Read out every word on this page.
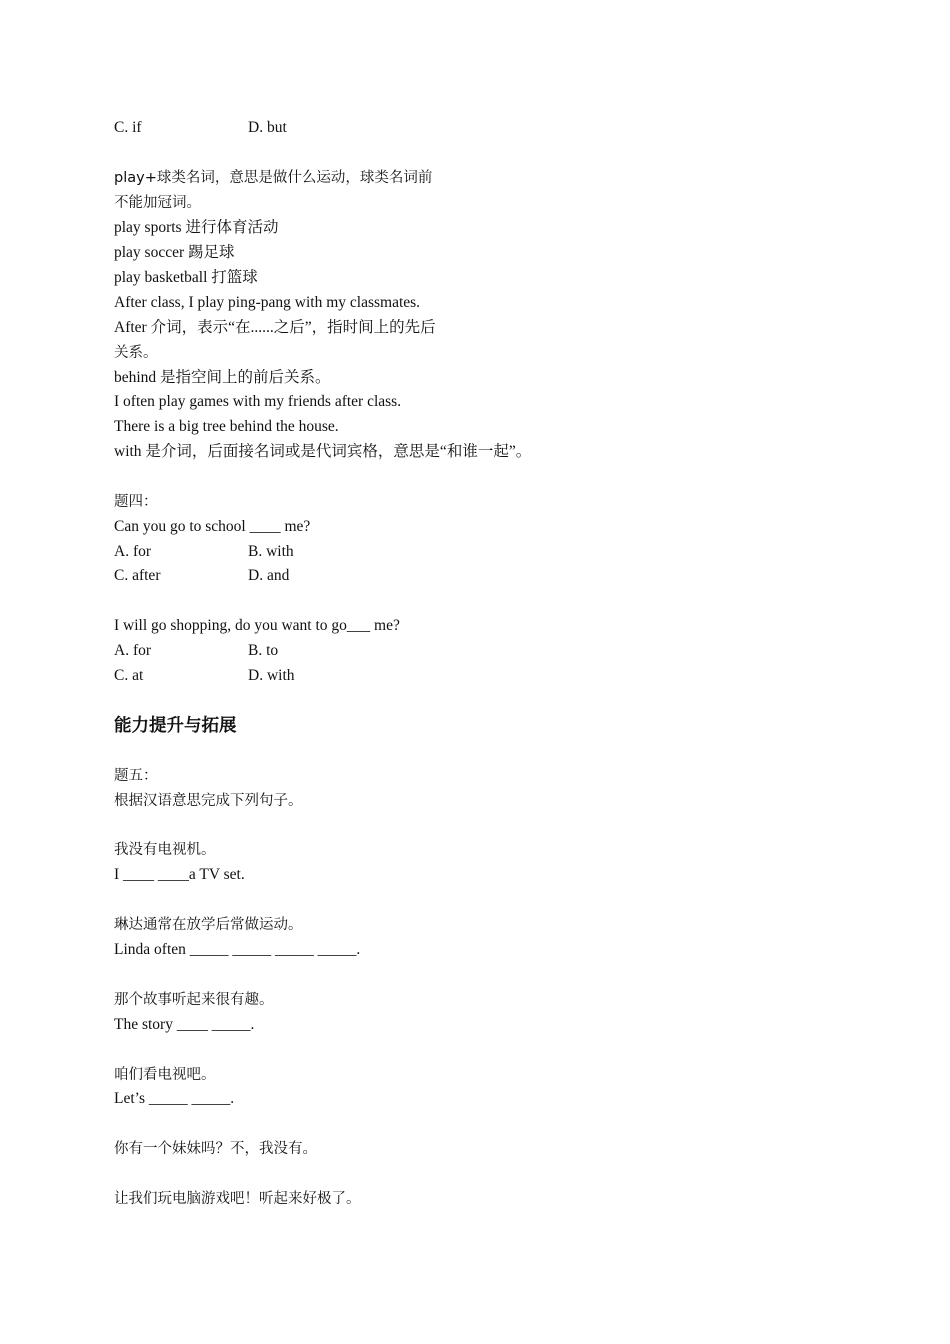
C. if	D. but
play+球类名词，意思是做什么运动，球类名词前
不能加冠词。
play sports 进行体育活动
play soccer 踢足球
play basketball 打篮球
After class, I play ping-pang with my classmates.
After 介词，表示“在......之后”，指时间上的先后
关系。
behind 是指空间上的前后关系。
I often play games with my friends after class.
There is a big tree behind the house.
with 是介词，后面接名词或是代词宾格，意思是“和谁一起”。
题四：
Can you go to school ____ me?
A. for	B. with
C. after	D. and
I will go shopping, do you want to go___ me?
A. for	B. to
C. at	D. with
能力提升与拓展
题五：
根据汉语意思完成下列句子。
我没有电视机。
I ____ ____a TV set.
琳达通常在放学后常做运动。
Linda often _____ _____ _____ _____.
那个故事听起来很有趣。
The story ____ _____.
咱们看电视吧。
Let’s _____ _____.
你有一个妹妹吗？不，我没有。
让我们玩电脑游戏吧！听起来好极了。
